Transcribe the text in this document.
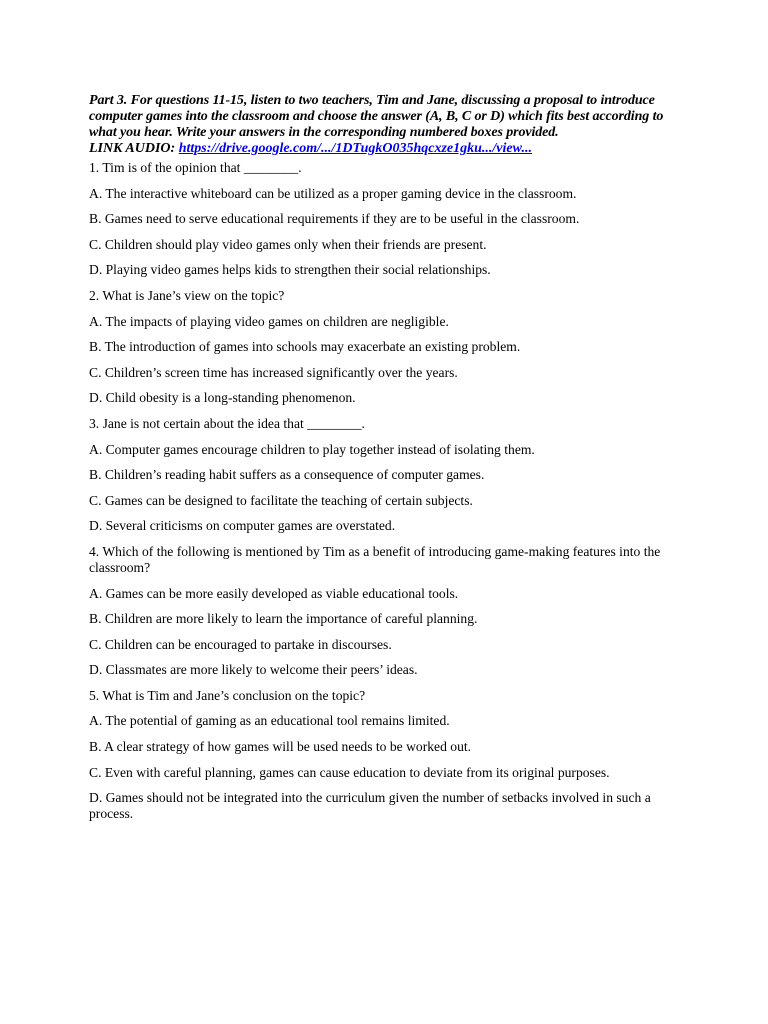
Part 3. For questions 11-15, listen to two teachers, Tim and Jane, discussing a proposal to introduce computer games into the classroom and choose the answer (A, B, C or D) which fits best according to what you hear. Write your answers in the corresponding numbered boxes provided.

LINK AUDIO: https://drive.google.com/.../1DTugkO035hqcxze1gku.../view...

1. Tim is of the opinion that ________.

A. The interactive whiteboard can be utilized as a proper gaming device in the classroom.

B. Games need to serve educational requirements if they are to be useful in the classroom.

C. Children should play video games only when their friends are present.

D. Playing video games helps kids to strengthen their social relationships.

2. What is Jane’s view on the topic?

A. The impacts of playing video games on children are negligible.

B. The introduction of games into schools may exacerbate an existing problem.

C. Children’s screen time has increased significantly over the years.

D. Child obesity is a long-standing phenomenon.

3. Jane is not certain about the idea that ________.

A. Computer games encourage children to play together instead of isolating them.

B. Children’s reading habit suffers as a consequence of computer games.

C. Games can be designed to facilitate the teaching of certain subjects.

D. Several criticisms on computer games are overstated.

4. Which of the following is mentioned by Tim as a benefit of introducing game-making features into the classroom?

A. Games can be more easily developed as viable educational tools.

B. Children are more likely to learn the importance of careful planning.

C. Children can be encouraged to partake in discourses.

D. Classmates are more likely to welcome their peers’ ideas.

5. What is Tim and Jane’s conclusion on the topic?

A. The potential of gaming as an educational tool remains limited.

B. A clear strategy of how games will be used needs to be worked out.

C. Even with careful planning, games can cause education to deviate from its original purposes.

D. Games should not be integrated into the curriculum given the number of setbacks involved in such a process.
